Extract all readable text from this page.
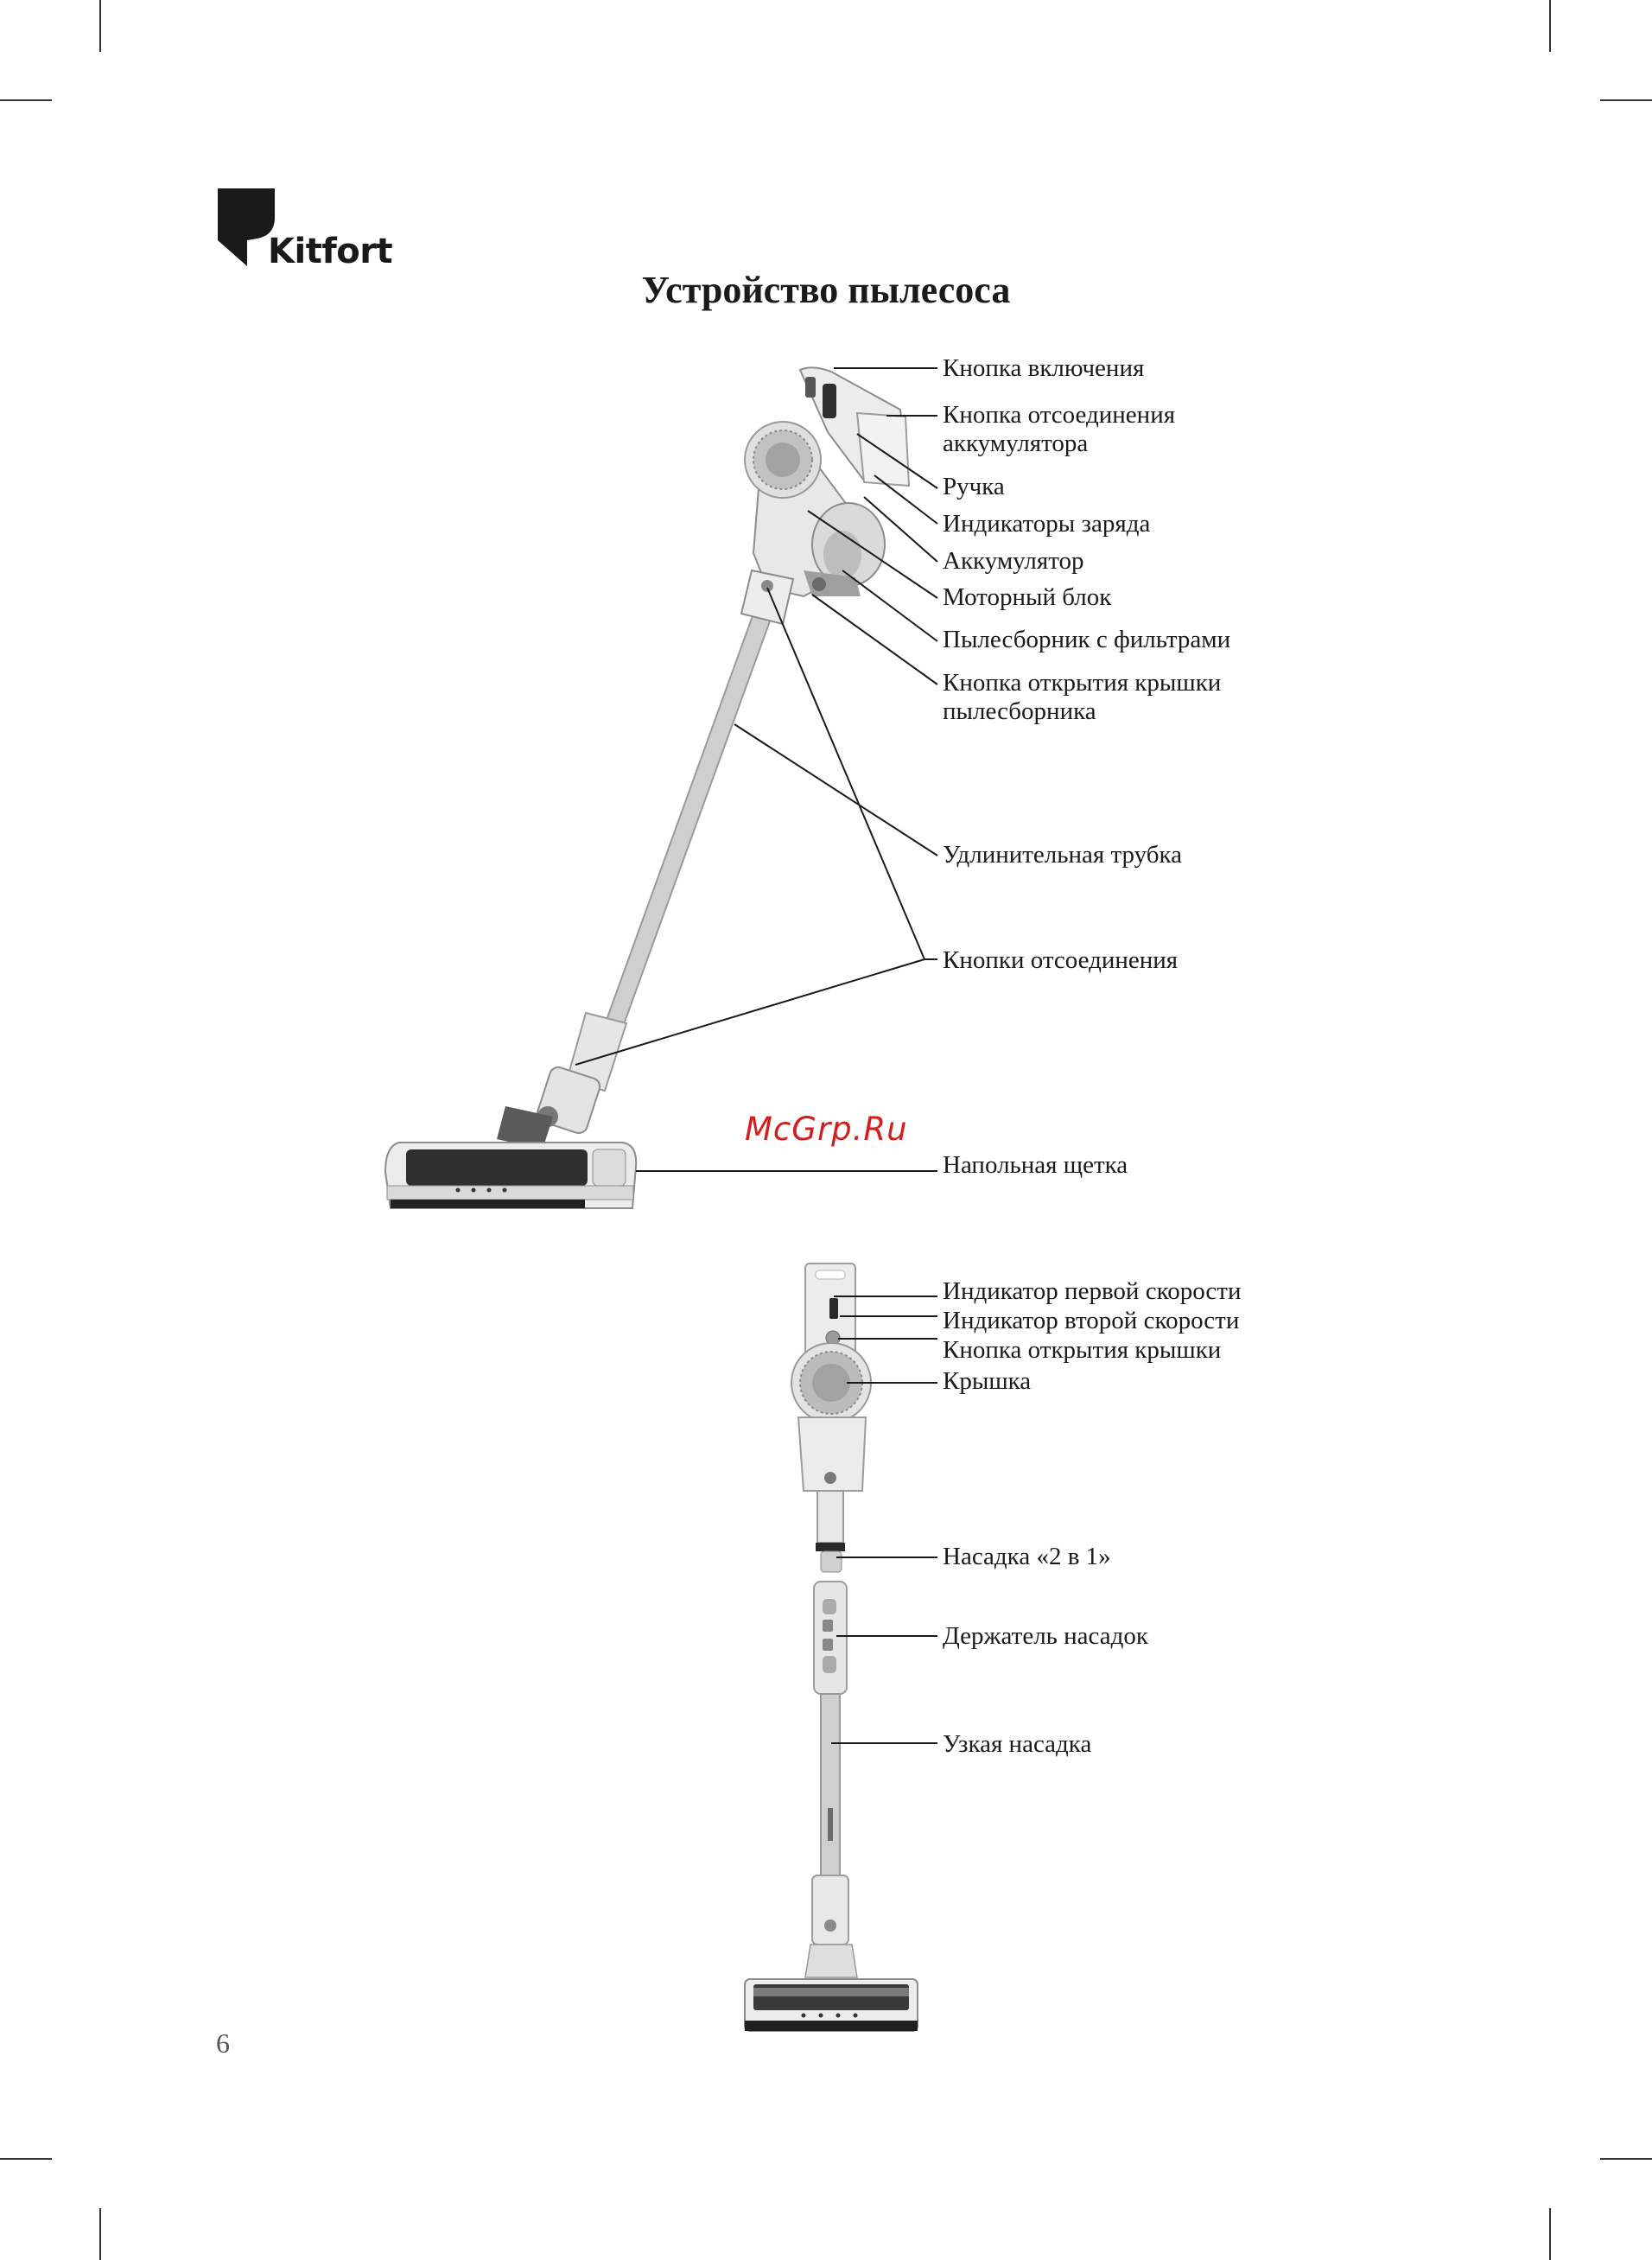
Kitfort
Устройство пылесоса
Кнопка включения
Кнопка отсоединения аккумулятора
Ручка
Индикаторы заряда
Аккумулятор
Моторный блок
Пылесборник с фильтрами
Кнопка открытия крышки пылесборника
Удлинительная трубка
Кнопки отсоединения
Напольная щетка
McGrp.Ru
Индикатор первой скорости
Индикатор второй скорости
Кнопка открытия крышки
Крышка
Насадка «2 в 1»
Держатель насадок
Узкая насадка
6
